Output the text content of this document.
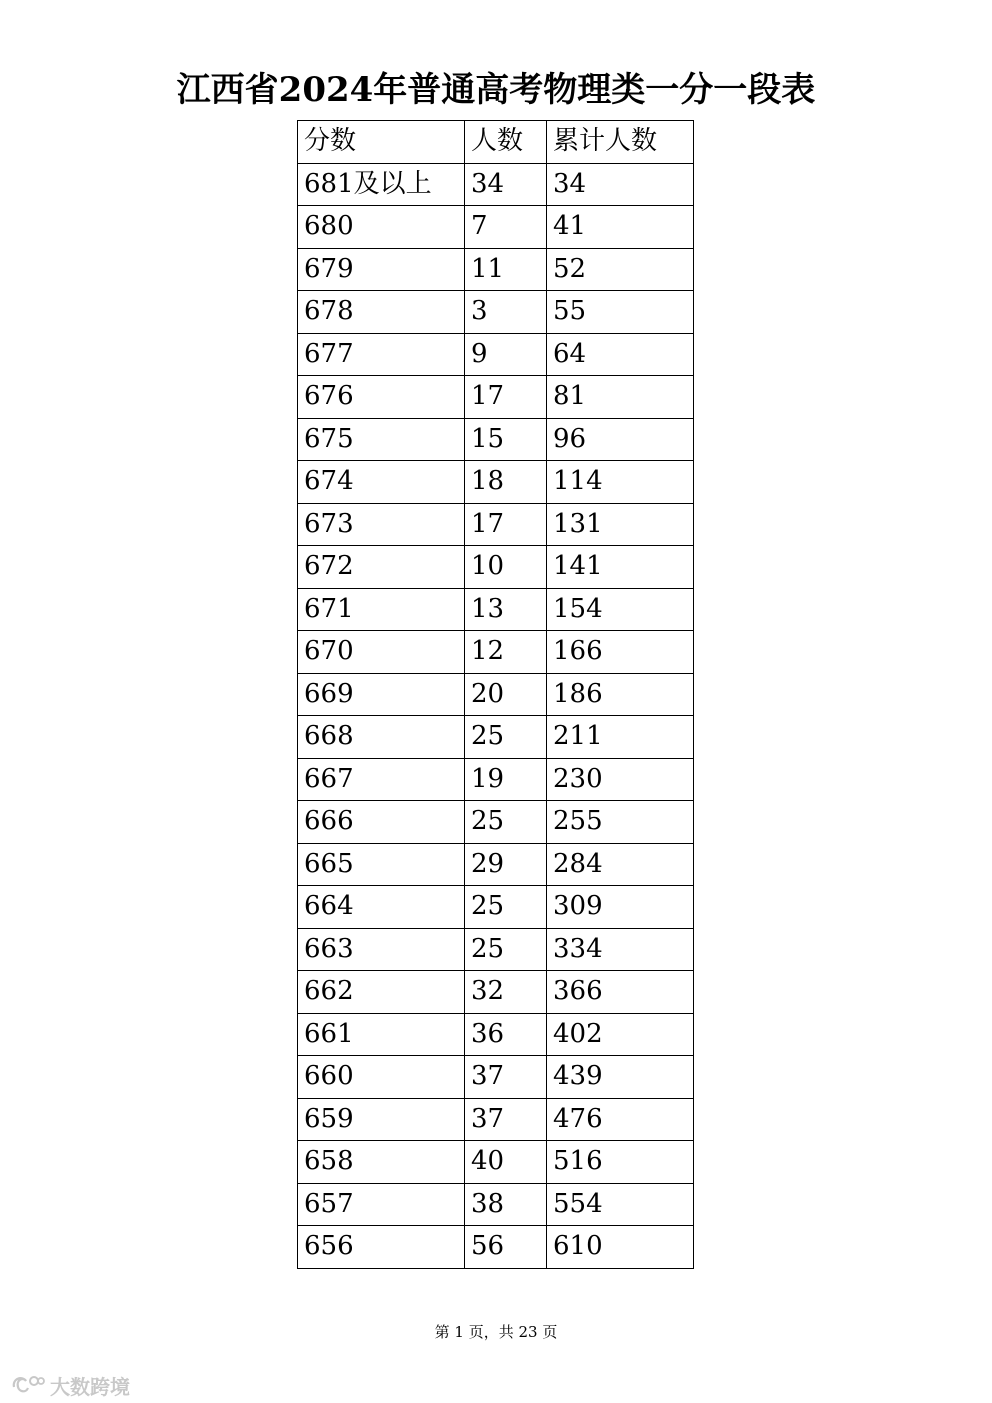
江西省2024年普通高考物理类一分一段表
分数	人数	累计人数
681及以上	34	34
680	7	41
679	11	52
678	3	55
677	9	64
676	17	81
675	15	96
674	18	114
673	17	131
672	10	141
671	13	154
670	12	166
669	20	186
668	25	211
667	19	230
666	25	255
665	29	284
664	25	309
663	25	334
662	32	366
661	36	402
660	37	439
659	37	476
658	40	516
657	38	554
656	56	610
第 1 页，共 23 页
大数跨境
